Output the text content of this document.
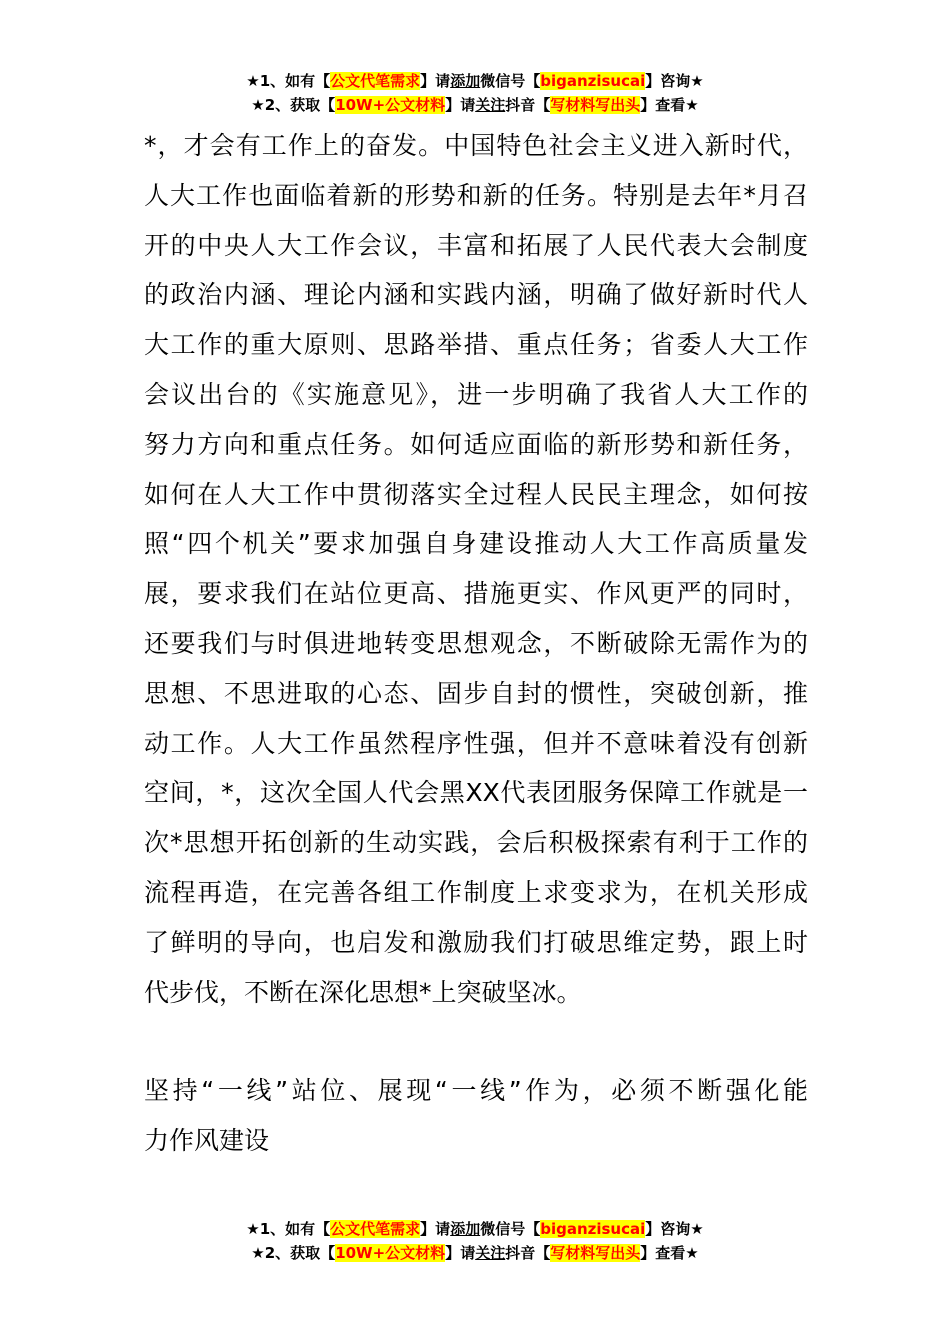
★1、如有【公文代笔需求】请添加微信号【biganzisucai】咨询★
★2、获取【10W+公文材料】请关注抖音【写材料写出头】查看★
*，才会有工作上的奋发。中国特色社会主义进入新时代，
人大工作也面临着新的形势和新的任务。特别是去年*月召
开的中央人大工作会议，丰富和拓展了人民代表大会制度
的政治内涵、理论内涵和实践内涵，明确了做好新时代人
大工作的重大原则、思路举措、重点任务；省委人大工作
会议出台的《实施意见》，进一步明确了我省人大工作的
努力方向和重点任务。如何适应面临的新形势和新任务，
如何在人大工作中贯彻落实全过程人民民主理念，如何按
照“四个机关”要求加强自身建设推动人大工作高质量发
展，要求我们在站位更高、措施更实、作风更严的同时，
还要我们与时俱进地转变思想观念，不断破除无需作为的
思想、不思进取的心态、固步自封的惯性，突破创新，推
动工作。人大工作虽然程序性强，但并不意味着没有创新
空间，*，这次全国人代会黑XX代表团服务保障工作就是一
次*思想开拓创新的生动实践，会后积极探索有利于工作的
流程再造，在完善各组工作制度上求变求为，在机关形成
了鲜明的导向，也启发和激励我们打破思维定势，跟上时
代步伐，不断在深化思想*上突破坚冰。
坚持“一线”站位、展现“一线”作为，必须不断强化能
力作风建设
★1、如有【公文代笔需求】请添加微信号【biganzisucai】咨询★
★2、获取【10W+公文材料】请关注抖音【写材料写出头】查看★
